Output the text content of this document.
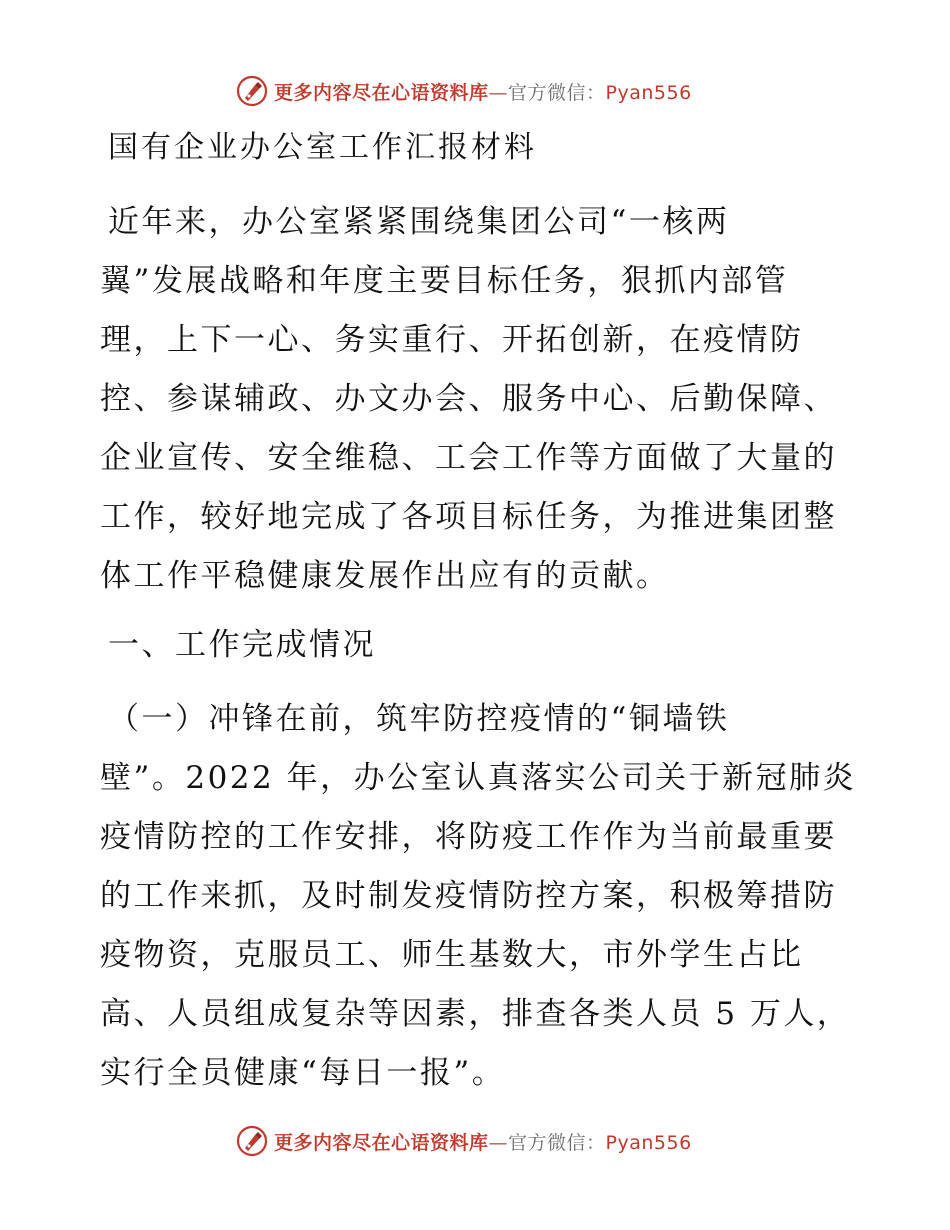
更多内容尽在心语资料库—官方微信：Pyan556
国有企业办公室工作汇报材料
近年来，办公室紧紧围绕集团公司“一核两
翼”发展战略和年度主要目标任务，狠抓内部管
理，上下一心、务实重行、开拓创新，在疫情防
控、参谋辅政、办文办会、服务中心、后勤保障、
企业宣传、安全维稳、工会工作等方面做了大量的
工作，较好地完成了各项目标任务，为推进集团整
体工作平稳健康发展作出应有的贡献。
一、工作完成情况
（一）冲锋在前，筑牢防控疫情的“铜墙铁
壁”。2022 年，办公室认真落实公司关于新冠肺炎
疫情防控的工作安排，将防疫工作作为当前最重要
的工作来抓，及时制发疫情防控方案，积极筹措防
疫物资，克服员工、师生基数大，市外学生占比
高、人员组成复杂等因素，排查各类人员 5 万人，
实行全员健康“每日一报”。
更多内容尽在心语资料库—官方微信：Pyan556
